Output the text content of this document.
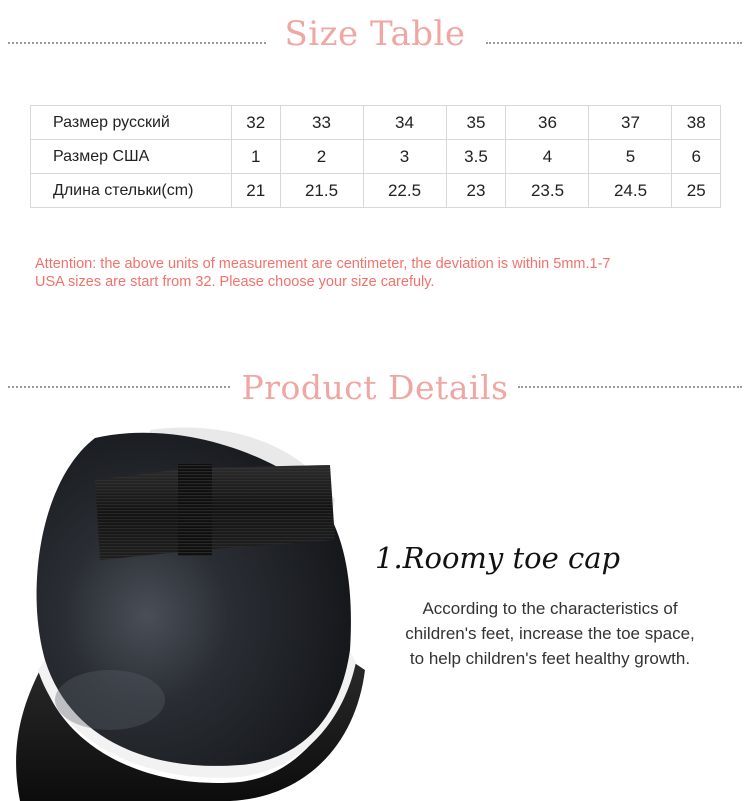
Size Table
Размер русский	32	33	34	35	36	37	38
Размер США	1	2	3	3.5	4	5	6
Длина стельки(cm)	21	21.5	22.5	23	23.5	24.5	25
Attention: the above units of measurement are centimeter, the deviation is within 5mm.1-7
USA sizes are start from 32. Please choose your size carefuly.
Product Details
1.Roomy toe cap
According to the characteristics of
children's feet, increase the toe space,
to help children's feet healthy growth.
